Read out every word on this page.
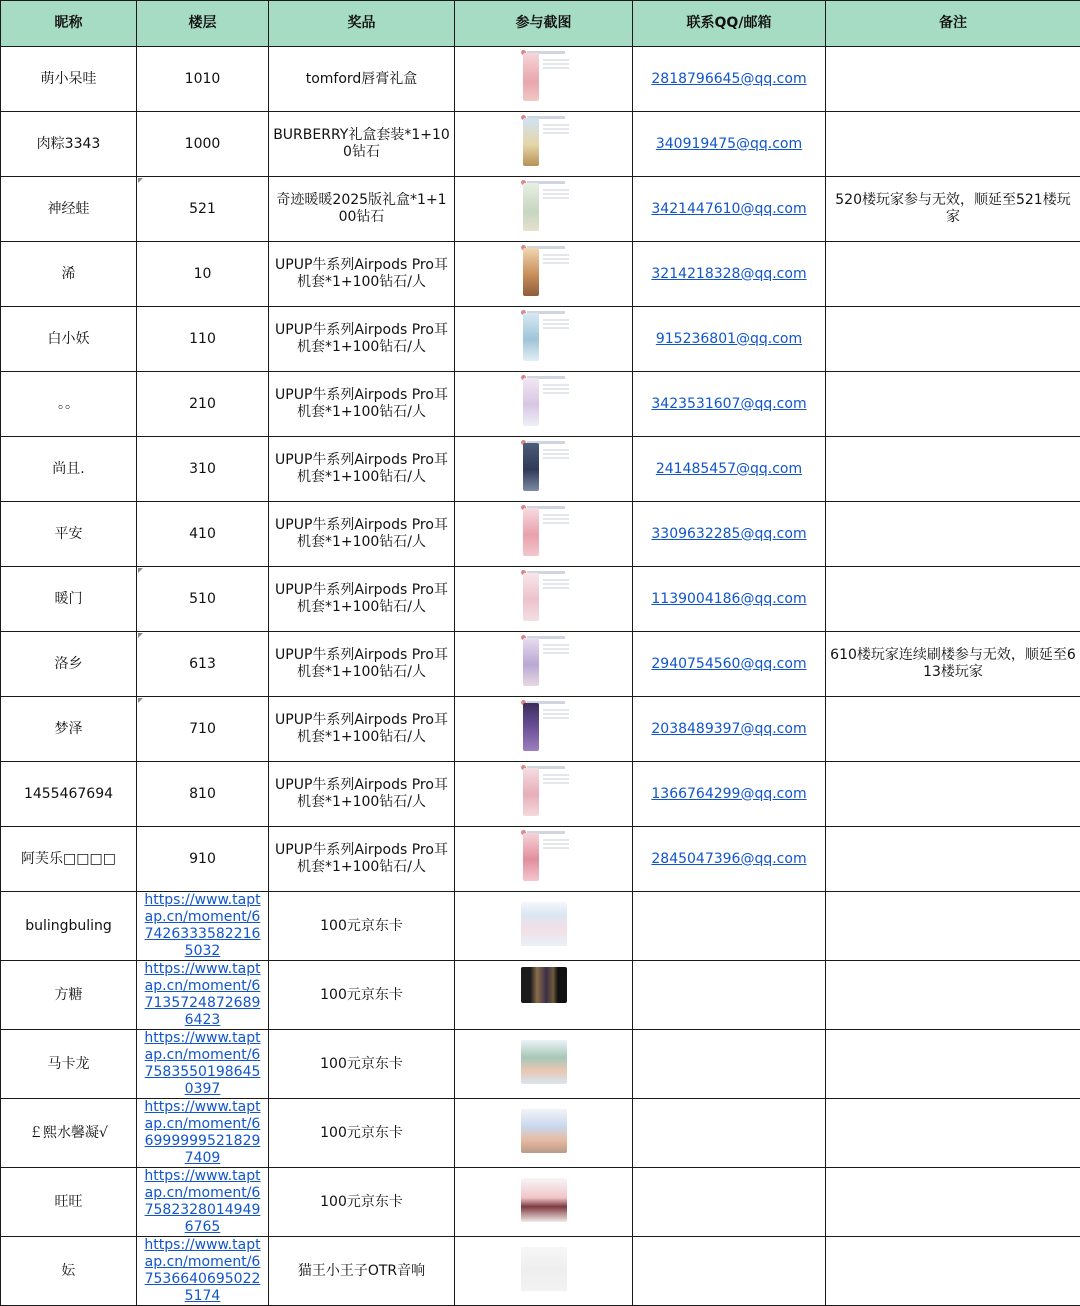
昵称	楼层	奖品	参与截图	联系QQ/邮箱	备注
萌小呆哇	1010	tomford唇膏礼盒		2818796645@qq.com	
肉粽3343	1000	BURBERRY礼盒套装*1+100钻石		340919475@qq.com	
神经蛙	521	奇迹暖暖2025版礼盒*1+100钻石		3421447610@qq.com	520楼玩家参与无效，顺延至521楼玩家
浠	10	UPUP牛系列Airpods Pro耳机套*1+100钻石/人		3214218328@qq.com	
白小妖	110	UPUP牛系列Airpods Pro耳机套*1+100钻石/人		915236801@qq.com	
。。	210	UPUP牛系列Airpods Pro耳机套*1+100钻石/人		3423531607@qq.com	
尚且.	310	UPUP牛系列Airpods Pro耳机套*1+100钻石/人		241485457@qq.com	
平安	410	UPUP牛系列Airpods Pro耳机套*1+100钻石/人		3309632285@qq.com	
暖门	510	UPUP牛系列Airpods Pro耳机套*1+100钻石/人		1139004186@qq.com	
洛乡	613	UPUP牛系列Airpods Pro耳机套*1+100钻石/人		2940754560@qq.com	610楼玩家连续刷楼参与无效，顺延至613楼玩家
梦泽	710	UPUP牛系列Airpods Pro耳机套*1+100钻石/人		2038489397@qq.com	
1455467694	810	UPUP牛系列Airpods Pro耳机套*1+100钻石/人		1366764299@qq.com	
阿芙乐□□□□	910	UPUP牛系列Airpods Pro耳机套*1+100钻石/人		2845047396@qq.com	
bulingbuling	https://www.taptap.cn/moment/674263335822165032	100元京东卡	

方糖	https://www.taptap.cn/moment/671357248726896423	100元京东卡	

马卡龙	https://www.taptap.cn/moment/675835501986450397	100元京东卡	

￡熙水馨凝√	https://www.taptap.cn/moment/669999995218297409	100元京东卡	

旺旺	https://www.taptap.cn/moment/675823280149496765	100元京东卡	

妘	https://www.taptap.cn/moment/675366406950225174	猫王小王子OTR音响	
